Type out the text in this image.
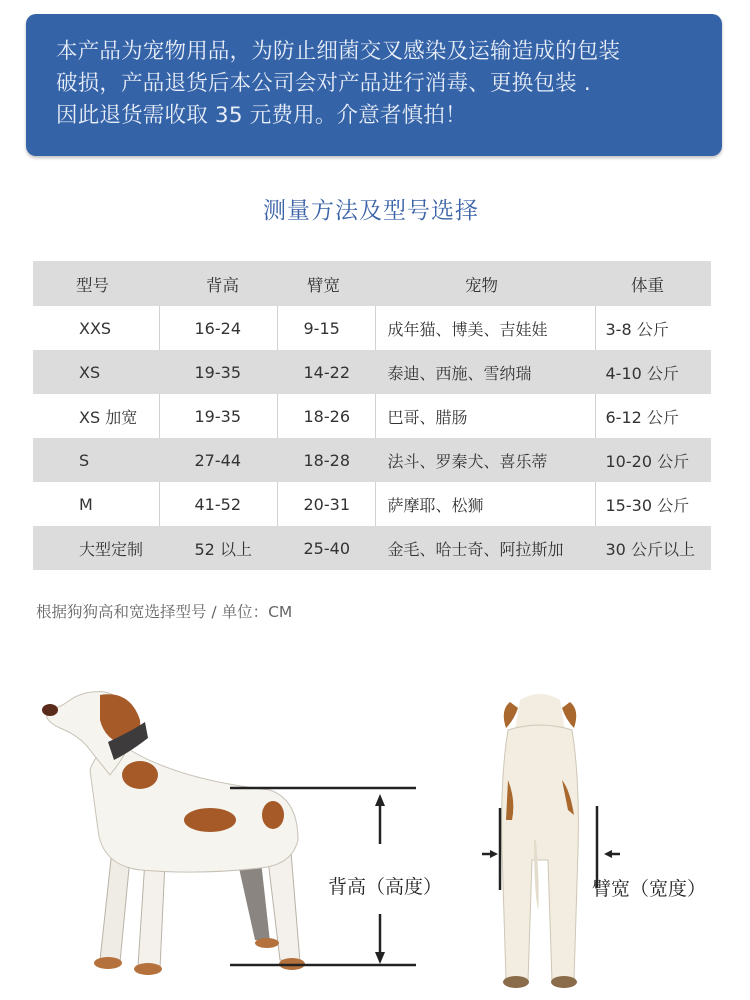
本产品为宠物用品，为防止细菌交叉感染及运输造成的包装
破损，产品退货后本公司会对产品进行消毒、更换包装 .
因此退货需收取 35 元费用。介意者慎拍！
测量方法及型号选择
型号	背高	臂宽	宠物	体重
XXS	16-24	9-15	成年猫、博美、吉娃娃	3-8 公斤
XS	19-35	14-22	泰迪、西施、雪纳瑞	4-10 公斤
XS 加宽	19-35	18-26	巴哥、腊肠	6-12 公斤
S	27-44	18-28	法斗、罗秦犬、喜乐蒂	10-20 公斤
M	41-52	20-31	萨摩耶、松狮	15-30 公斤
大型定制	52 以上	25-40	金毛、哈士奇、阿拉斯加	30 公斤以上
根据狗狗高和宽选择型号 / 单位：CM
背高（高度）	臂宽（宽度）
